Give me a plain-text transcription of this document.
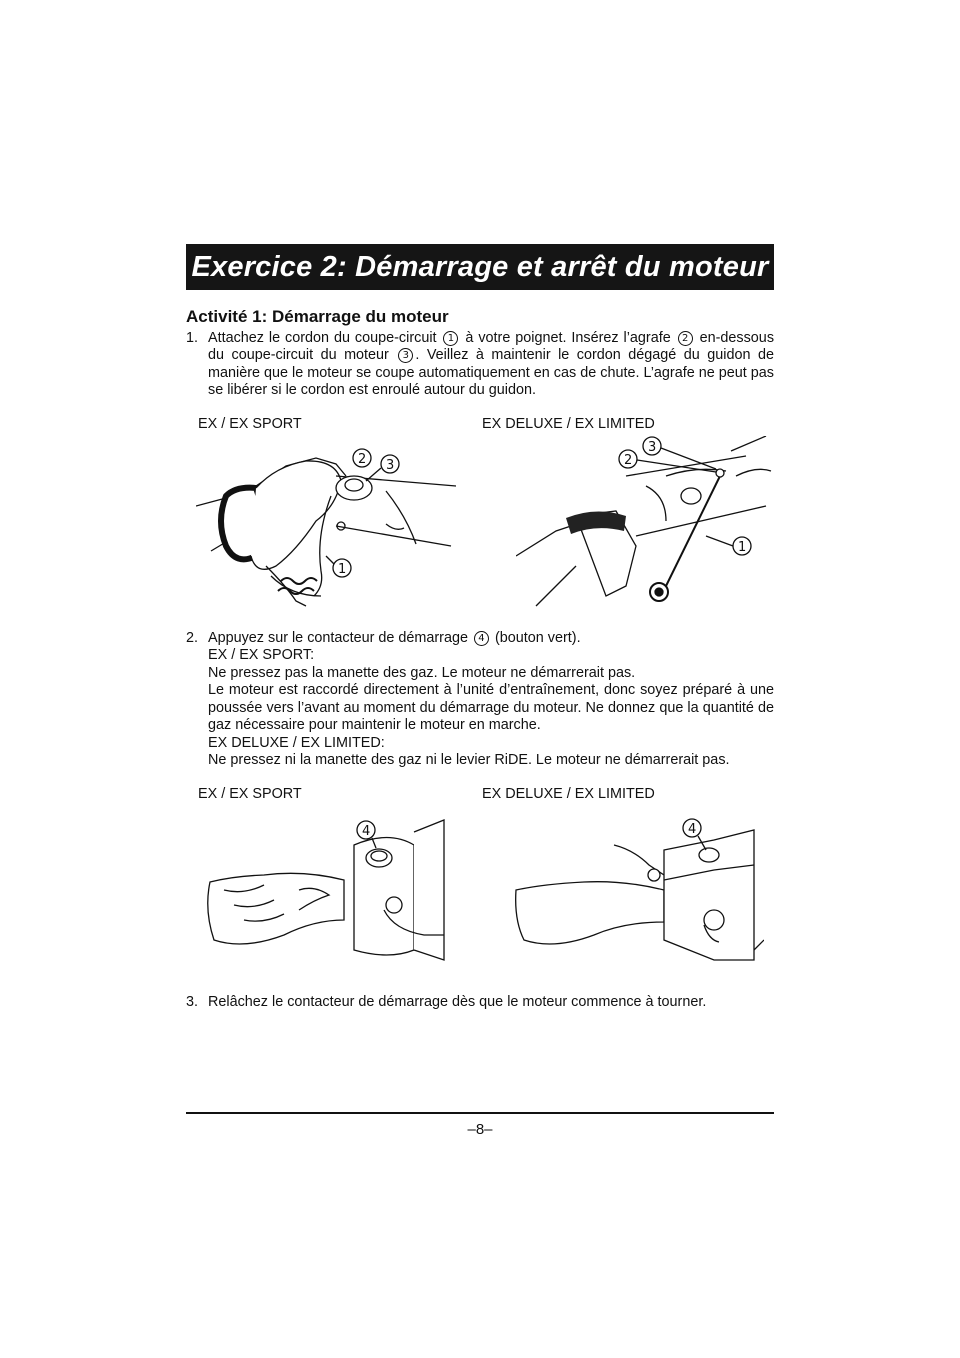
Exercice 2: Démarrage et arrêt du moteur
Activité 1: Démarrage du moteur
1. Attachez le cordon du coupe-circuit 1 à votre poignet. Insérez l’agrafe 2 en-dessous du coupe-circuit du moteur 3 . Veillez à maintenir le cordon dégagé du guidon de manière que le moteur se coupe automatiquement en cas de chute. L’agrafe ne peut pas se libérer si le cordon est enroulé autour du guidon.

EX / EX SPORT	EX DELUXE / EX LIMITED
2 3
1
2
3
1
2. Appuyez sur le contacteur de démarrage 4 (bouton vert).

EX / EX SPORT:

Ne pressez pas la manette des gaz. Le moteur ne démarrerait pas.

Le moteur est raccordé directement à l’unité d’entraînement, donc soyez préparé à une poussée vers l’avant au moment du démarrage du moteur. Ne donnez que la quantité de gaz nécessaire pour maintenir le moteur en marche.

EX DELUXE / EX LIMITED:

Ne pressez ni la manette des gaz ni le levier RiDE. Le moteur ne démarrerait pas.

EX / EX SPORT	EX DELUXE / EX LIMITED
4	4
3. Relâchez le contacteur de démarrage dès que le moteur commence à tourner.

–8–
